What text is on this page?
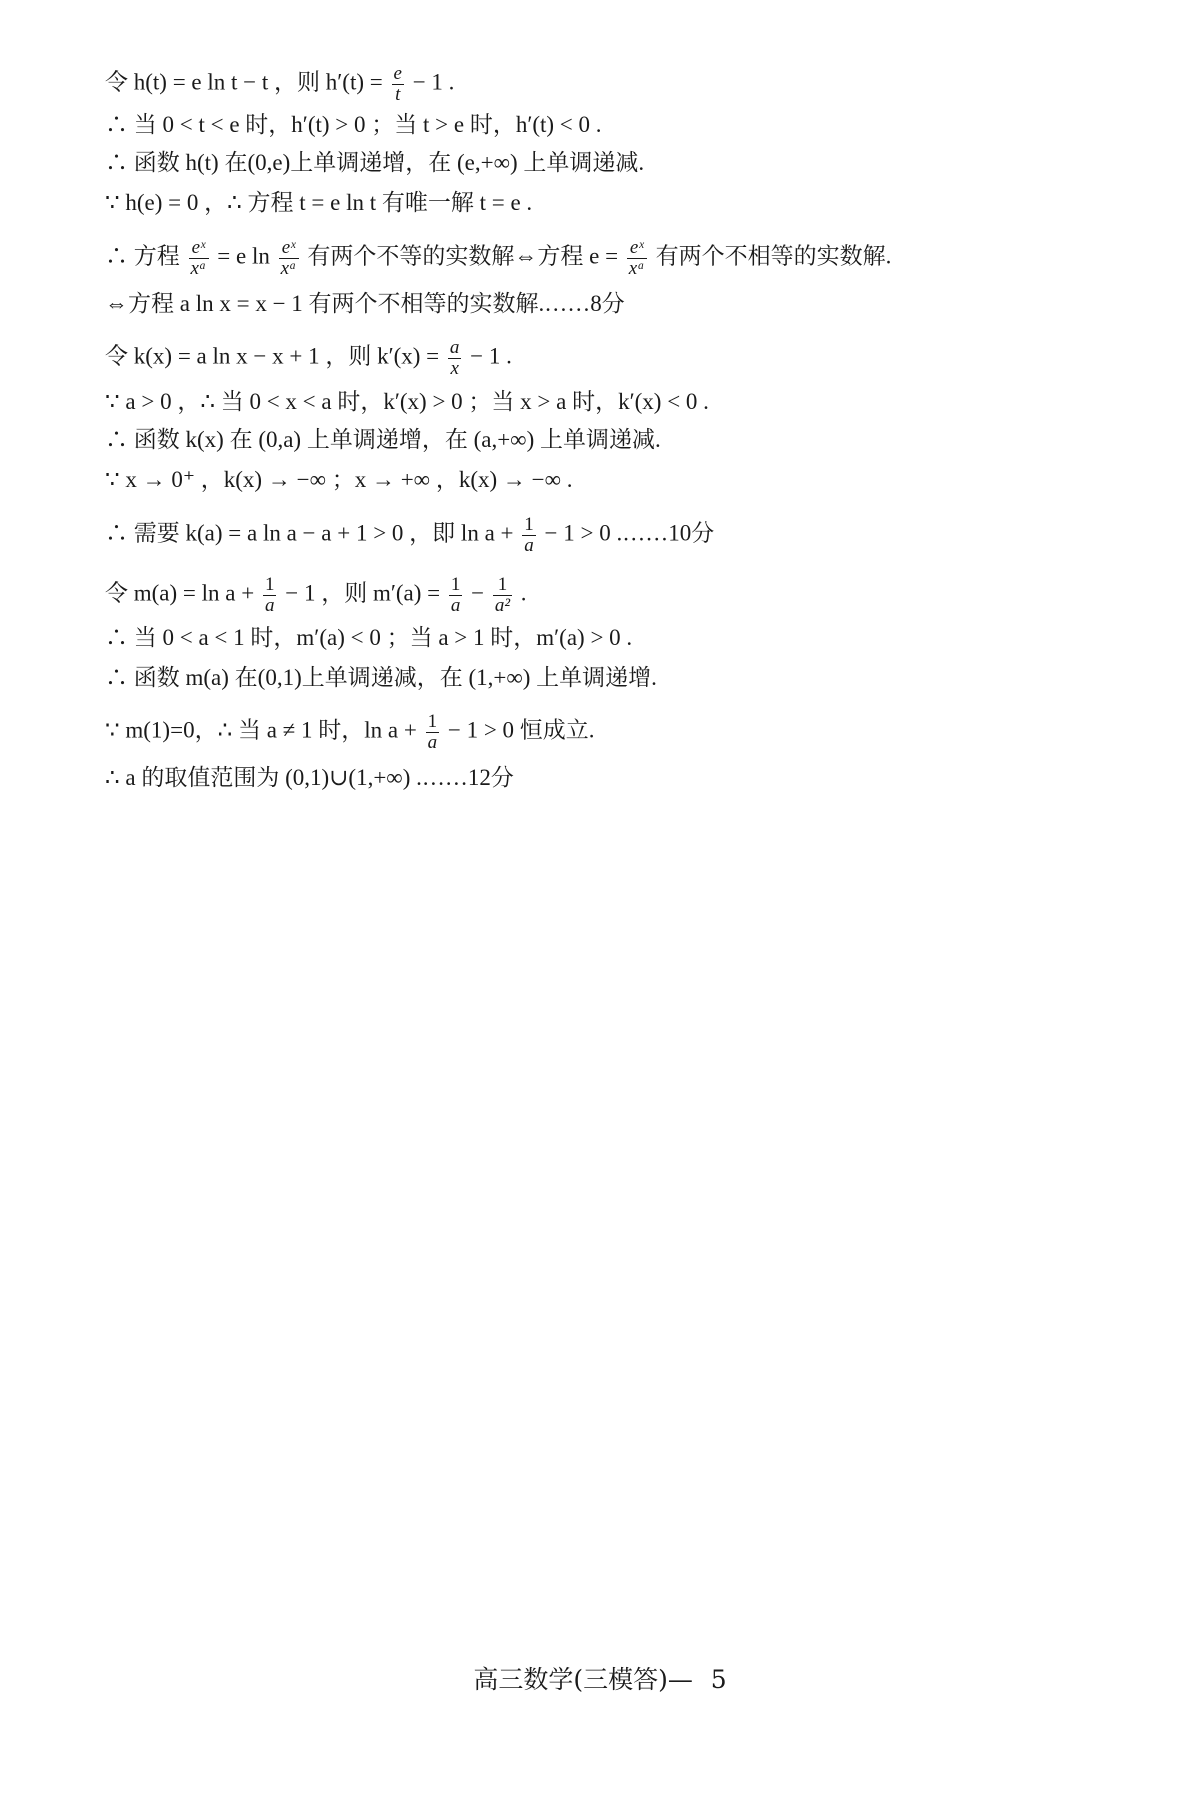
令 h(t) = e ln t − t ，则 $h'(t) = \frac{e}{t} - 1$ .
∴ 当 0 < t < e 时，h′(t) > 0 ；当 t > e 时，h′(t) < 0 .
∴ 函数 h(t) 在(0,e)上单调递增，在 (e,+∞) 上单调递减.
∵ h(e) = 0 ，∴ 方程 t = e ln t 有唯一解 t = e .
∴ 方程 $\frac{\text{eˣ}}{\text{xᵃ}} = e$ $\ln \frac{\text{eˣ}}{\text{xᵃ}}$ 有两个不等的实数解⇔方程 $e = \frac{\text{eˣ}}{\text{xᵃ}}$ 有两个不相等的实数解.
⇔方程 a ln x = x − 1 有两个不相等的实数解.……8分
令 k(x) = a ln x − x + 1 ，则 $k'(x) = \frac{a}{x} - 1$ .
∵ a > 0 ，∴ 当 0 < x < a 时，k′(x) > 0 ；当 x > a 时，k′(x) < 0 .
∴ 函数 k(x) 在 (0,a) 上单调递增，在 (a,+∞) 上单调递减.
∵ x → 0⁺ ，k(x) → −∞ ；x → +∞ ，k(x) → −∞ .
∴ 需要 k(a) = a ln a − a + 1 > 0 ，即 $\ln a + \frac{1}{a} - 1 > 0$ .……10分
令 $m(a) = \ln a + \frac{1}{a} - 1$ ，则 $m'(a) = \frac{1}{a} - \frac{1}{\text{a²}}$ .
∴ 当 0 < a < 1 时，m′(a) < 0 ；当 a > 1 时，m′(a) > 0 .
∴ 函数 m(a) 在(0,1)上单调递减，在 (1,+∞) 上单调递增.
∵ m(1)=0，∴ 当 a ≠ 1 时，$\ln a + \frac{1}{a} - 1 > 0$ 恒成立.
∴ a 的取值范围为 (0,1)∪(1,+∞) .……12分
高三数学(三模答)— 5
